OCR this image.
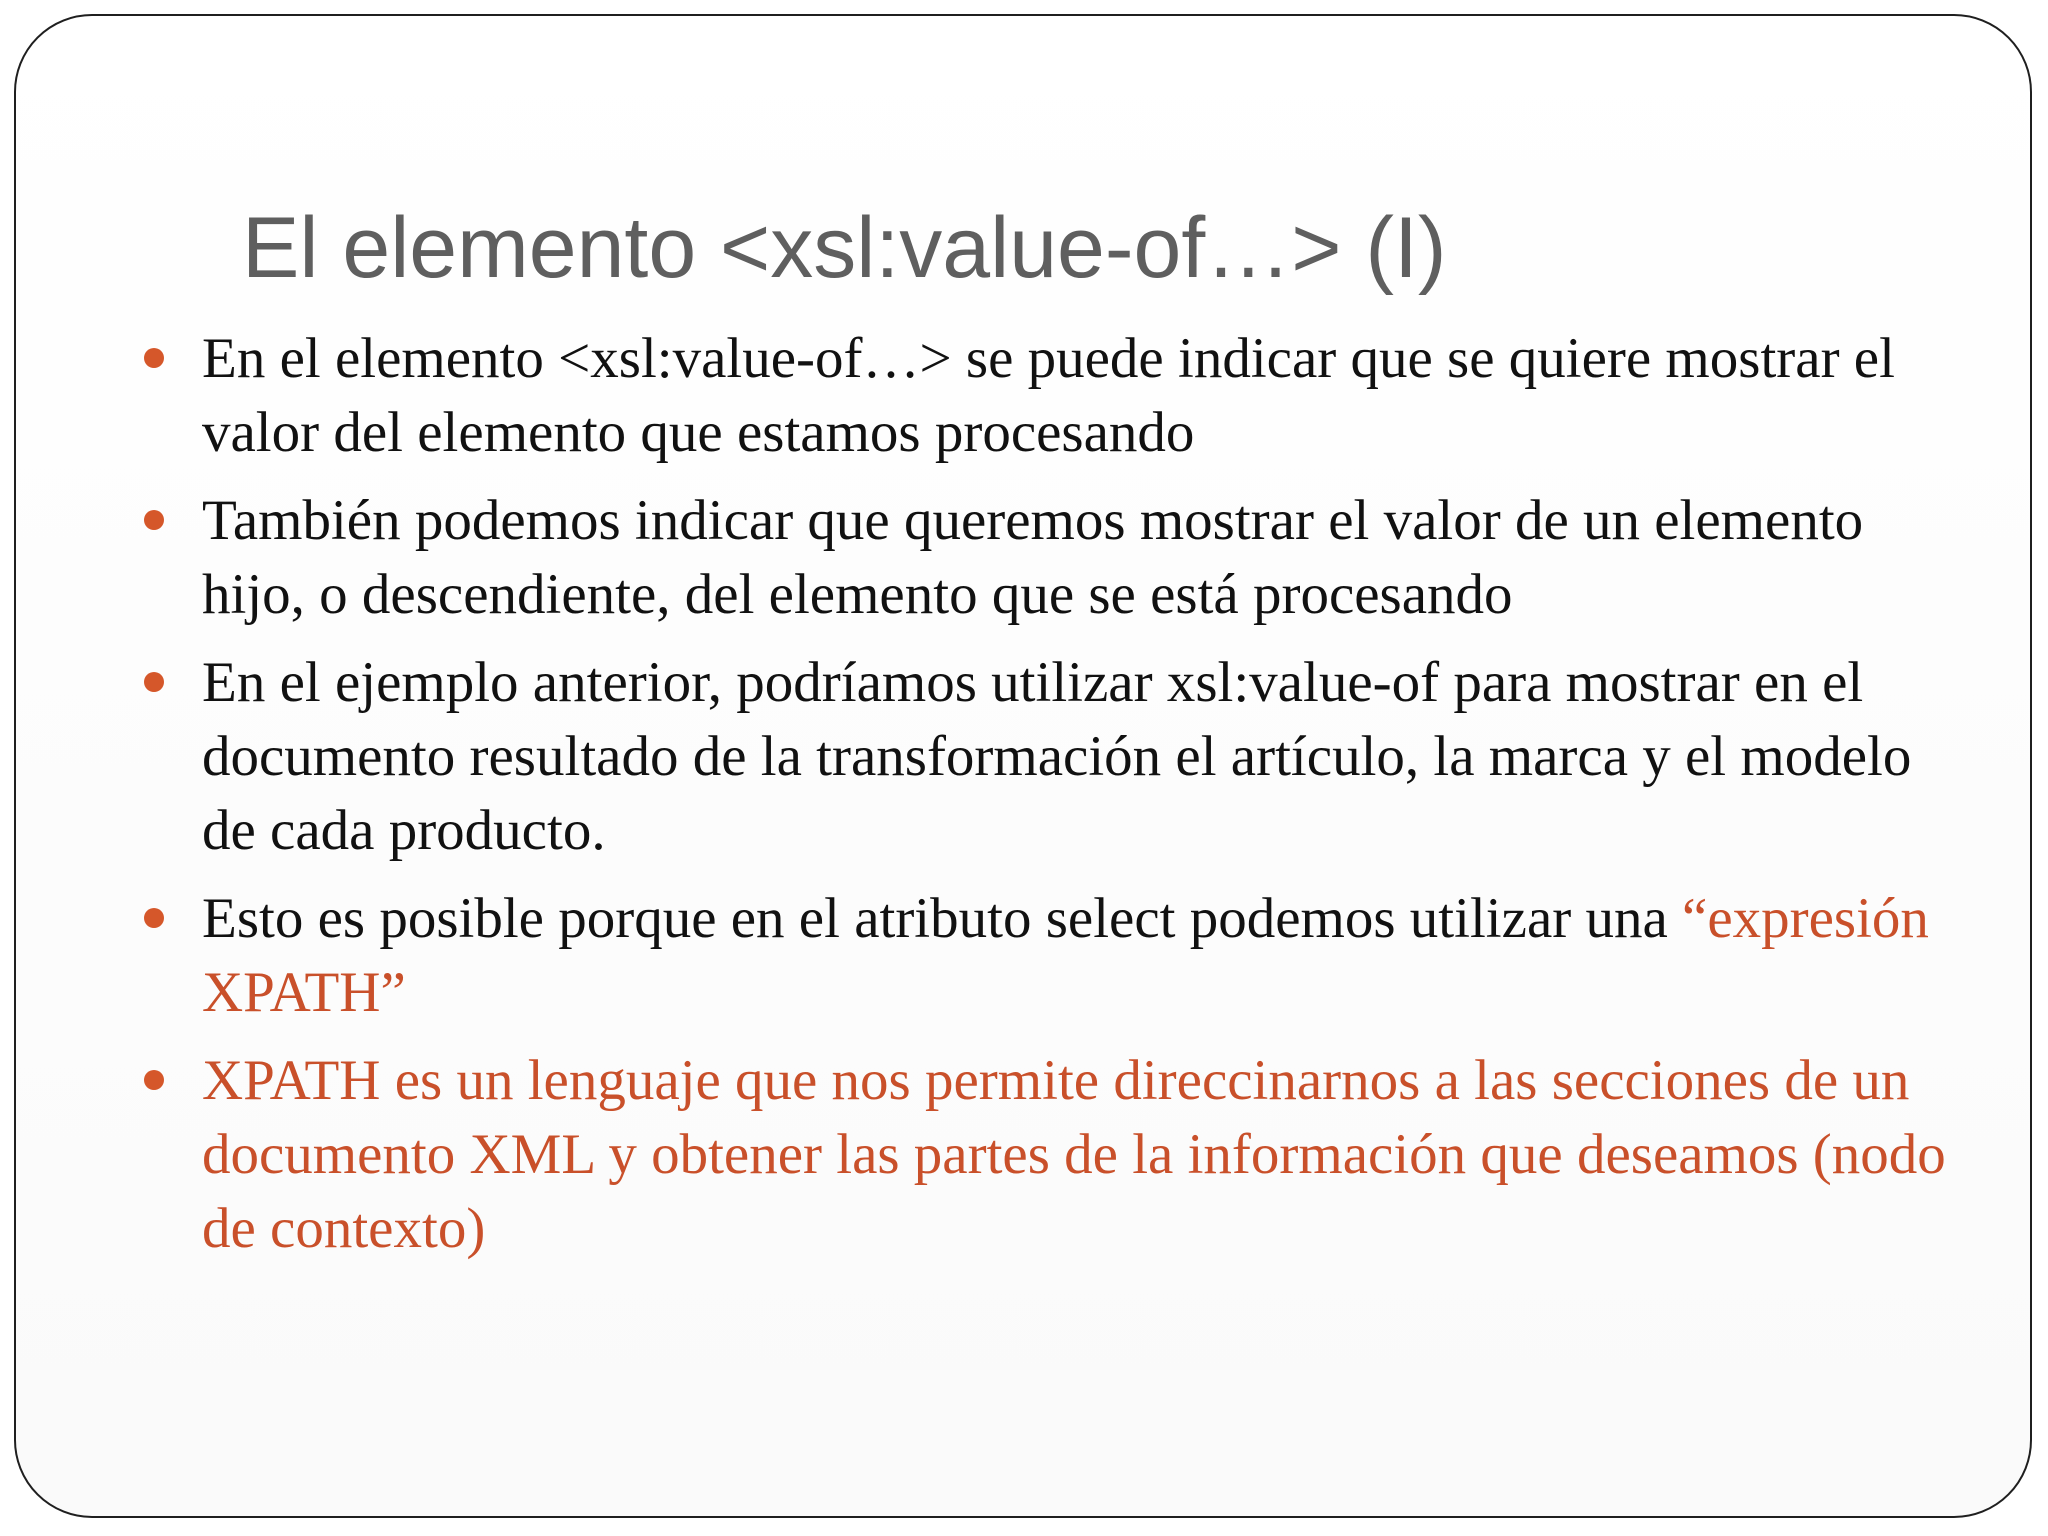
El elemento <xsl:value-of…> (I)
En el elemento <xsl:value-of…> se puede indicar que se quiere mostrar el valor del elemento que estamos procesando
También podemos indicar que queremos mostrar el valor de un elemento hijo, o descendiente, del elemento que se está procesando
En el ejemplo anterior, podríamos utilizar xsl:value-of para mostrar en el documento resultado de la transformación el artículo, la marca y el modelo de cada producto.
Esto es posible porque en el atributo select podemos utilizar una “expresión XPATH”
XPATH es un lenguaje que nos permite direccinarnos a las secciones de un documento XML y obtener las partes de la información que deseamos (nodo de contexto)
